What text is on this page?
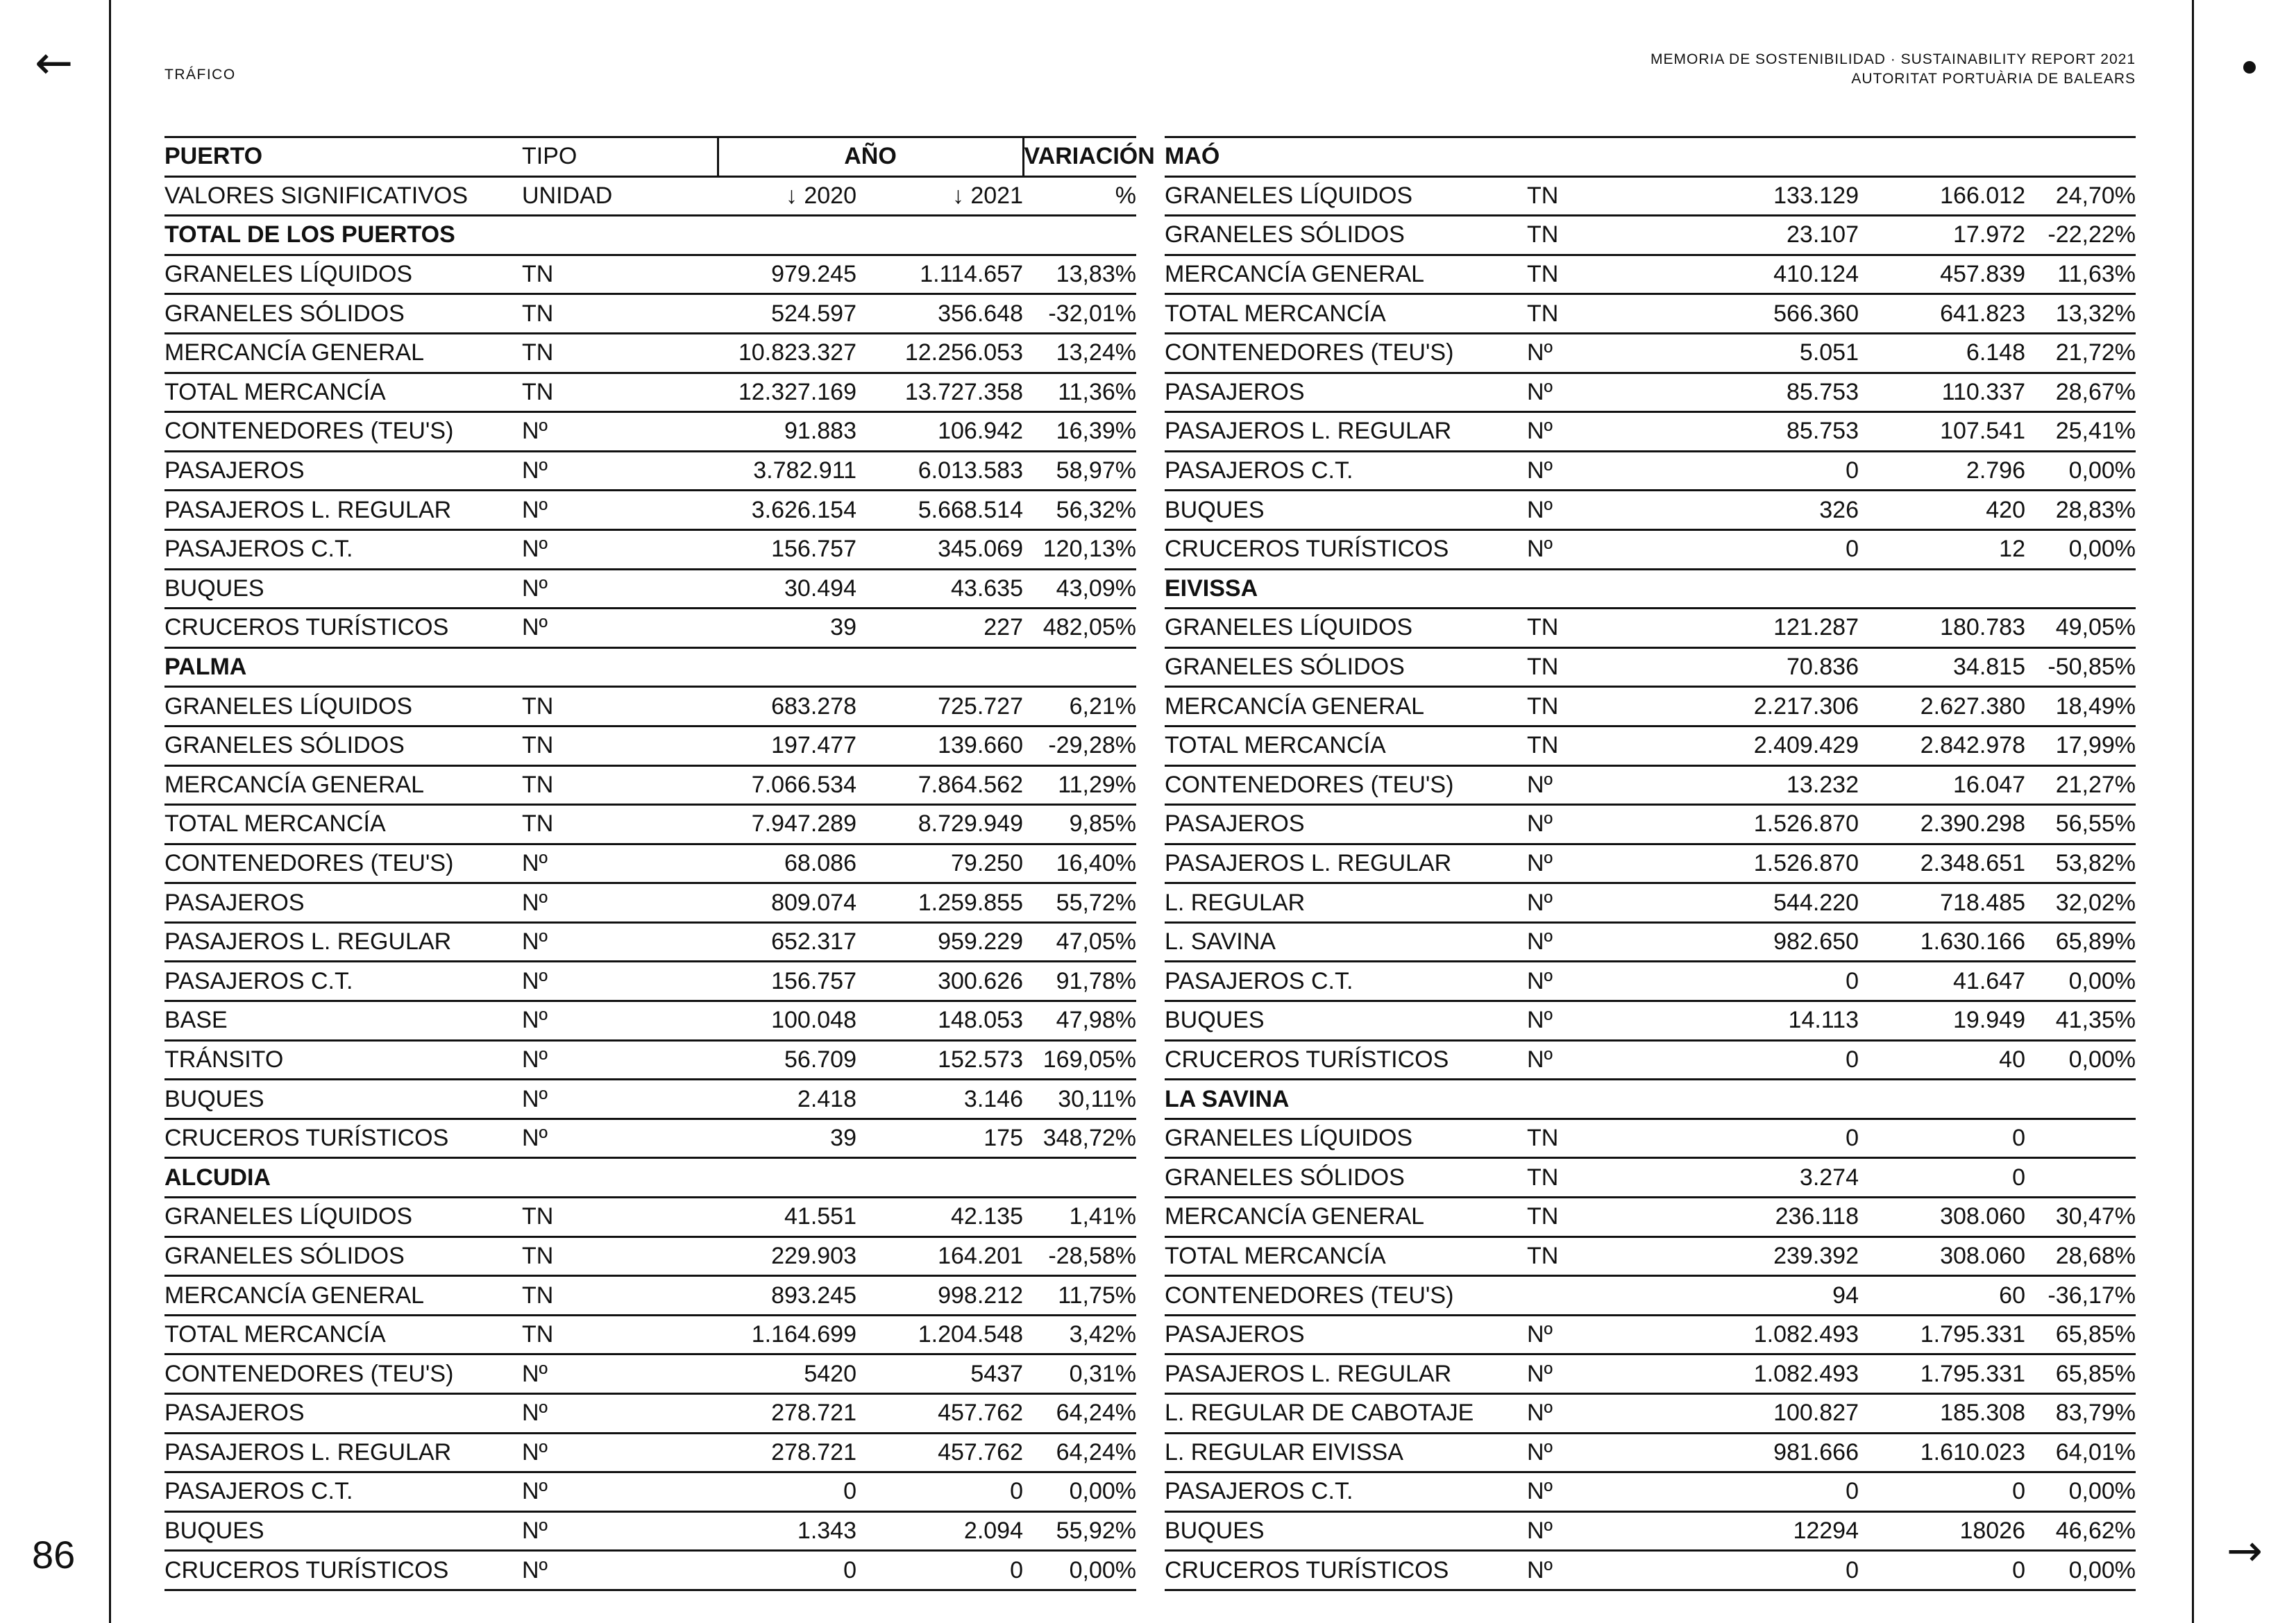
←
→
86
TRÁFICO
MEMORIA DE SOSTENIBILIDAD · SUSTAINABILITY REPORT 2021
AUTORITAT PORTUÀRIA DE BALEARS
PUERTO	TIPO	AÑO		VARIACIÓN
VALORES SIGNIFICATIVOS	UNIDAD	↓ 2020	↓ 2021	%
TOTAL DE LOS PUERTOS				
GRANELES LÍQUIDOS	TN	979.245	1.114.657	13,83%
GRANELES SÓLIDOS	TN	524.597	356.648	-32,01%
MERCANCÍA GENERAL	TN	10.823.327	12.256.053	13,24%
TOTAL MERCANCÍA	TN	12.327.169	13.727.358	11,36%
CONTENEDORES (TEU'S)	Nº	91.883	106.942	16,39%
PASAJEROS	Nº	3.782.911	6.013.583	58,97%
PASAJEROS L. REGULAR	Nº	3.626.154	5.668.514	56,32%
PASAJEROS C.T.	Nº	156.757	345.069	120,13%
BUQUES	Nº	30.494	43.635	43,09%
CRUCEROS TURÍSTICOS	Nº	39	227	482,05%
PALMA				
GRANELES LÍQUIDOS	TN	683.278	725.727	6,21%
GRANELES SÓLIDOS	TN	197.477	139.660	-29,28%
MERCANCÍA GENERAL	TN	7.066.534	7.864.562	11,29%
TOTAL MERCANCÍA	TN	7.947.289	8.729.949	9,85%
CONTENEDORES (TEU'S)	Nº	68.086	79.250	16,40%
PASAJEROS	Nº	809.074	1.259.855	55,72%
PASAJEROS L. REGULAR	Nº	652.317	959.229	47,05%
PASAJEROS C.T.	Nº	156.757	300.626	91,78%
BASE	Nº	100.048	148.053	47,98%
TRÁNSITO	Nº	56.709	152.573	169,05%
BUQUES	Nº	2.418	3.146	30,11%
CRUCEROS TURÍSTICOS	Nº	39	175	348,72%
ALCUDIA				
GRANELES LÍQUIDOS	TN	41.551	42.135	1,41%
GRANELES SÓLIDOS	TN	229.903	164.201	-28,58%
MERCANCÍA GENERAL	TN	893.245	998.212	11,75%
TOTAL MERCANCÍA	TN	1.164.699	1.204.548	3,42%
CONTENEDORES (TEU'S)	Nº	5420	5437	0,31%
PASAJEROS	Nº	278.721	457.762	64,24%
PASAJEROS L. REGULAR	Nº	278.721	457.762	64,24%
PASAJEROS C.T.	Nº	0	0	0,00%
BUQUES	Nº	1.343	2.094	55,92%
CRUCEROS TURÍSTICOS	Nº	0	0	0,00%
MAÓ				
GRANELES LÍQUIDOS	TN	133.129	166.012	24,70%
GRANELES SÓLIDOS	TN	23.107	17.972	-22,22%
MERCANCÍA GENERAL	TN	410.124	457.839	11,63%
TOTAL MERCANCÍA	TN	566.360	641.823	13,32%
CONTENEDORES (TEU'S)	Nº	5.051	6.148	21,72%
PASAJEROS	Nº	85.753	110.337	28,67%
PASAJEROS L. REGULAR	Nº	85.753	107.541	25,41%
PASAJEROS C.T.	Nº	0	2.796	0,00%
BUQUES	Nº	326	420	28,83%
CRUCEROS TURÍSTICOS	Nº	0	12	0,00%
EIVISSA				
GRANELES LÍQUIDOS	TN	121.287	180.783	49,05%
GRANELES SÓLIDOS	TN	70.836	34.815	-50,85%
MERCANCÍA GENERAL	TN	2.217.306	2.627.380	18,49%
TOTAL MERCANCÍA	TN	2.409.429	2.842.978	17,99%
CONTENEDORES (TEU'S)	Nº	13.232	16.047	21,27%
PASAJEROS	Nº	1.526.870	2.390.298	56,55%
PASAJEROS L. REGULAR	Nº	1.526.870	2.348.651	53,82%
L. REGULAR	Nº	544.220	718.485	32,02%
L. SAVINA	Nº	982.650	1.630.166	65,89%
PASAJEROS C.T.	Nº	0	41.647	0,00%
BUQUES	Nº	14.113	19.949	41,35%
CRUCEROS TURÍSTICOS	Nº	0	40	0,00%
LA SAVINA				
GRANELES LÍQUIDOS	TN	0	0	
GRANELES SÓLIDOS	TN	3.274	0	
MERCANCÍA GENERAL	TN	236.118	308.060	30,47%
TOTAL MERCANCÍA	TN	239.392	308.060	28,68%
CONTENEDORES (TEU'S)		94	60	-36,17%
PASAJEROS	Nº	1.082.493	1.795.331	65,85%
PASAJEROS L. REGULAR	Nº	1.082.493	1.795.331	65,85%
L. REGULAR DE CABOTAJE	Nº	100.827	185.308	83,79%
L. REGULAR EIVISSA	Nº	981.666	1.610.023	64,01%
PASAJEROS C.T.	Nº	0	0	0,00%
BUQUES	Nº	12294	18026	46,62%
CRUCEROS TURÍSTICOS	Nº	0	0	0,00%
